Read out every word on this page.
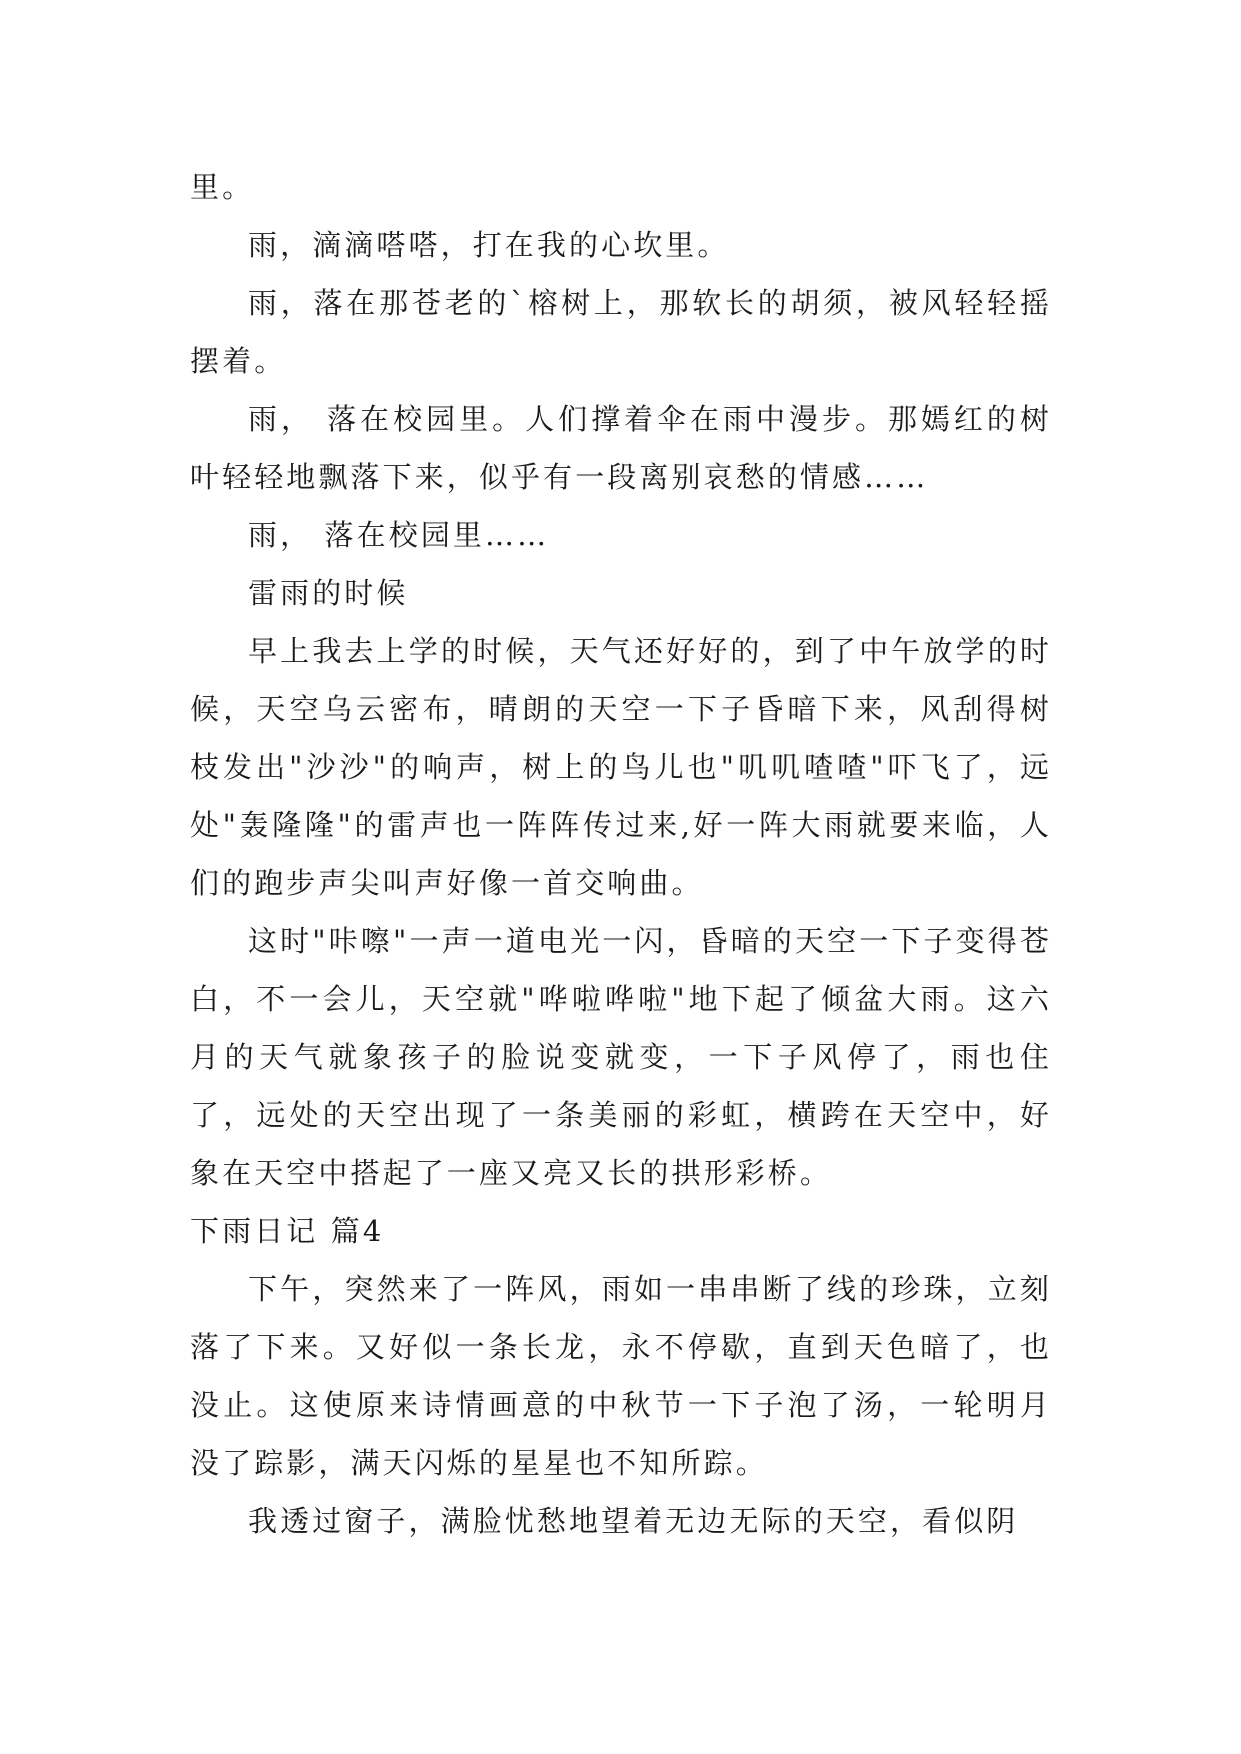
里。

雨，滴滴嗒嗒，打在我的心坎里。

雨，落在那苍老的`榕树上，那软长的胡须，被风轻轻摇摆着。

雨， 落在校园里。人们撑着伞在雨中漫步。那嫣红的树叶轻轻地飘落下来，似乎有一段离别哀愁的情感……

雨， 落在校园里……

雷雨的时候

早上我去上学的时候，天气还好好的，到了中午放学的时候，天空乌云密布，晴朗的天空一下子昏暗下来，风刮得树枝发出"沙沙"的响声，树上的鸟儿也"叽叽喳喳"吓飞了，远处"轰隆隆"的雷声也一阵阵传过来,好一阵大雨就要来临，人们的跑步声尖叫声好像一首交响曲。

这时"咔嚓"一声一道电光一闪，昏暗的天空一下子变得苍白，不一会儿，天空就"哗啦哗啦"地下起了倾盆大雨。这六月的天气就象孩子的脸说变就变，一下子风停了，雨也住了，远处的天空出现了一条美丽的彩虹，横跨在天空中，好象在天空中搭起了一座又亮又长的拱形彩桥。

下雨日记 篇4

下午，突然来了一阵风，雨如一串串断了线的珍珠，立刻落了下来。又好似一条长龙，永不停歇，直到天色暗了，也没止。这使原来诗情画意的中秋节一下子泡了汤，一轮明月没了踪影，满天闪烁的星星也不知所踪。

我透过窗子，满脸忧愁地望着无边无际的天空，看似阴
